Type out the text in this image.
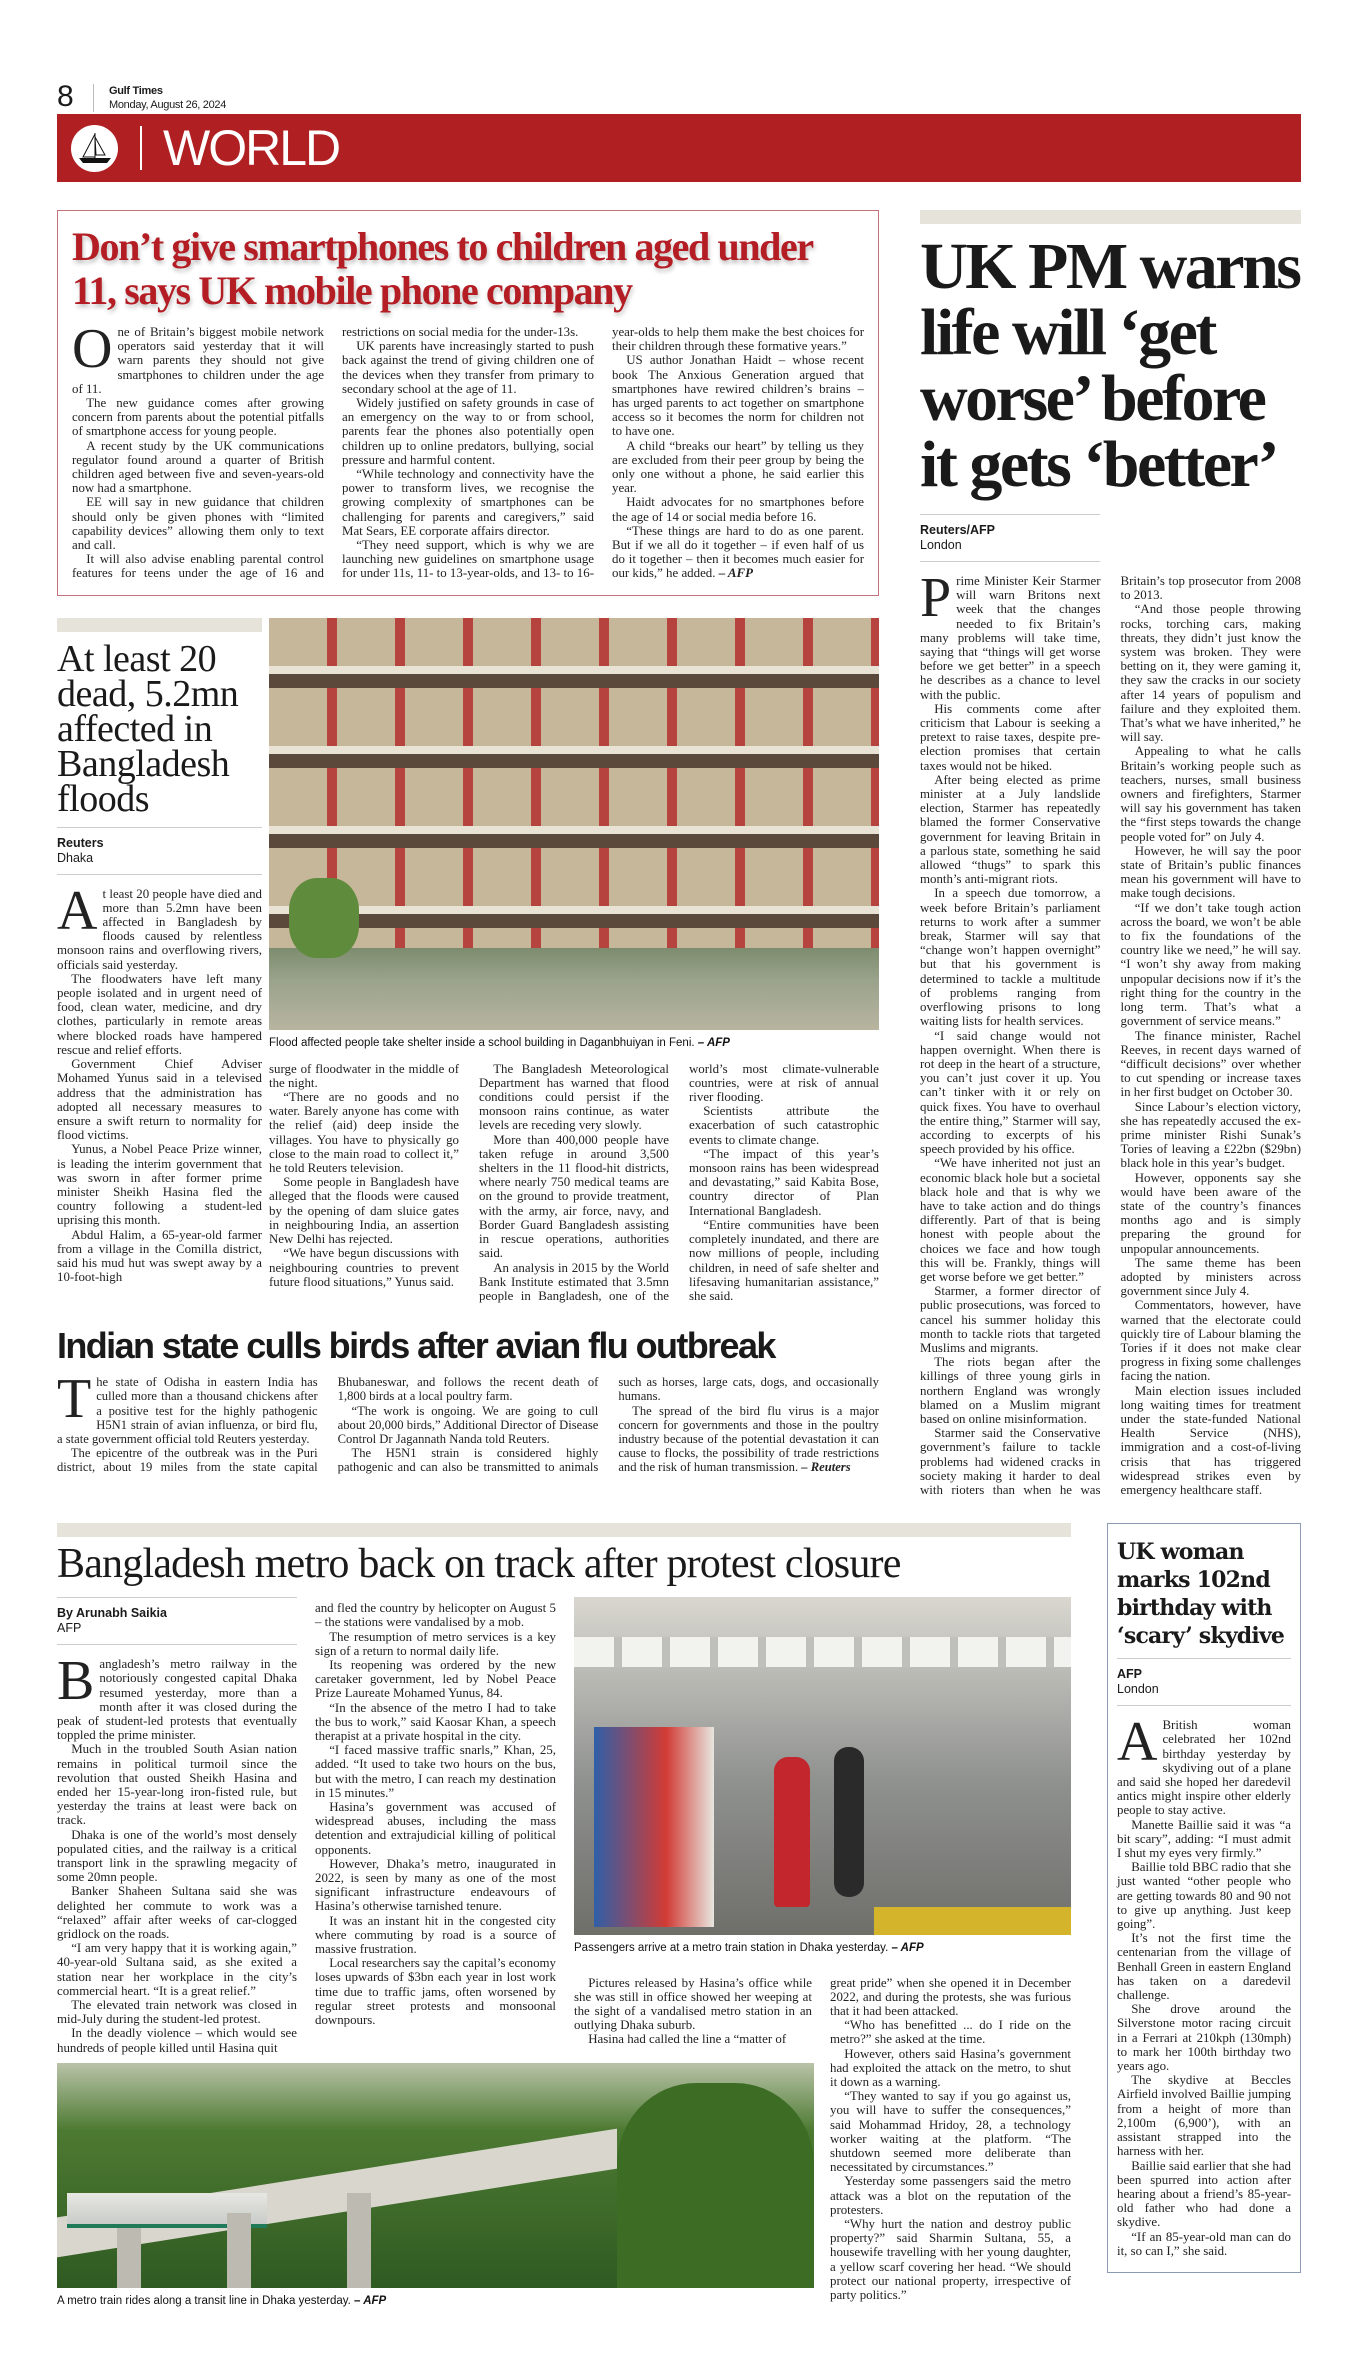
8	Gulf Times
Monday, August 26, 2024
WORLD
Don’t give smartphones to children aged under 11, says UK mobile phone company

One of Britain’s biggest mobile network operators said yesterday that it will warn parents they should not give smartphones to children under the age of 11.

The new guidance comes after growing concern from parents about the potential pitfalls of smartphone access for young people.

A recent study by the UK communications regulator found around a quarter of British children aged between five and seven-years-old now had a smartphone.

EE will say in new guidance that children should only be given phones with “limited capability devices” allowing them only to text and call.

It will also advise enabling parental control features for teens under the age of 16 and restrictions on social media for the under-13s.

UK parents have increasingly started to push back against the trend of giving children one of the devices when they transfer from primary to secondary school at the age of 11.

Widely justified on safety grounds in case of an emergency on the way to or from school, parents fear the phones also potentially open children up to online predators, bullying, social pressure and harmful content.

“While technology and connectivity have the power to transform lives, we recognise the growing complexity of smartphones can be challenging for parents and caregivers,” said Mat Sears, EE corporate affairs director.

“They need support, which is why we are launching new guidelines on smartphone usage for under 11s, 11- to 13-year-olds, and 13- to 16-year-olds to help them make the best choices for their children through these formative years.”

US author Jonathan Haidt – whose recent book The Anxious Generation argued that smartphones have rewired children’s brains – has urged parents to act together on smartphone access so it becomes the norm for children not to have one.

A child “breaks our heart” by telling us they are excluded from their peer group by being the only one without a phone, he said earlier this year.

Haidt advocates for no smartphones before the age of 14 or social media before 16.

“These things are hard to do as one parent. But if we all do it together – if even half of us do it together – then it becomes much easier for our kids,” he added. – AFP

At least 20 dead, 5.2mn affected in Bangladesh floods
Reuters
Dhaka

At least 20 people have died and more than 5.2mn have been affected in Bangladesh by floods caused by relentless monsoon rains and overflowing rivers, officials said yesterday.

The floodwaters have left many people isolated and in urgent need of food, clean water, medicine, and dry clothes, particularly in remote areas where blocked roads have hampered rescue and relief efforts.

Government Chief Adviser Mohamed Yunus said in a televised address that the administration has adopted all necessary measures to ensure a swift return to normality for flood victims.

Yunus, a Nobel Peace Prize winner, is leading the interim government that was sworn in after former prime minister Sheikh Hasina fled the country following a student-led uprising this month.

Abdul Halim, a 65-year-old farmer from a village in the Comilla district, said his mud hut was swept away by a 10-foot-high

Flood affected people take shelter inside a school building in Daganbhuiyan in Feni. – AFP

surge of floodwater in the middle of the night.

“There are no goods and no water. Barely anyone has come with the relief (aid) deep inside the villages. You have to physically go close to the main road to collect it,” he told Reuters television.

Some people in Bangladesh have alleged that the floods were caused by the opening of dam sluice gates in neighbouring India, an assertion New Delhi has rejected.

“We have begun discussions with neighbouring countries to prevent future flood situations,” Yunus said.

The Bangladesh Meteorological Department has warned that flood conditions could persist if the monsoon rains continue, as water levels are receding very slowly.

More than 400,000 people have taken refuge in around 3,500 shelters in the 11 flood-hit districts, where nearly 750 medical teams are on the ground to provide treatment, with the army, air force, navy, and Border Guard Bangladesh assisting in rescue operations, authorities said.

An analysis in 2015 by the World Bank Institute estimated that 3.5mn people in Bangladesh, one of the world’s most climate-vulnerable countries, were at risk of annual river flooding.

Scientists attribute the exacerbation of such catastrophic events to climate change.

“The impact of this year’s monsoon rains has been widespread and devastating,” said Kabita Bose, country director of Plan International Bangladesh.

“Entire communities have been completely inundated, and there are now millions of people, including children, in need of safe shelter and lifesaving humanitarian assistance,” she said.

Indian state culls birds after avian flu outbreak

The state of Odisha in eastern India has culled more than a thousand chickens after a positive test for the highly pathogenic H5N1 strain of avian influenza, or bird flu, a state government official told Reuters yesterday.

The epicentre of the outbreak was in the Puri district, about 19 miles from the state capital Bhubaneswar, and follows the recent death of 1,800 birds at a local poultry farm.

“The work is ongoing. We are going to cull about 20,000 birds,” Additional Director of Disease Control Dr Jagannath Nanda told Reuters.

The H5N1 strain is considered highly pathogenic and can also be transmitted to animals such as horses, large cats, dogs, and occasionally humans.

The spread of the bird flu virus is a major concern for governments and those in the poultry industry because of the potential devastation it can cause to flocks, the possibility of trade restrictions and the risk of human transmission. – Reuters

UK PM warns life will ‘get worse’ before it gets ‘better’
Reuters/AFP
London

Prime Minister Keir Starmer will warn Britons next week that the changes needed to fix Britain’s many problems will take time, saying that “things will get worse before we get better” in a speech he describes as a chance to level with the public.

His comments come after criticism that Labour is seeking a pretext to raise taxes, despite pre-election promises that certain taxes would not be hiked.

After being elected as prime minister at a July landslide election, Starmer has repeatedly blamed the former Conservative government for leaving Britain in a parlous state, something he said allowed “thugs” to spark this month’s anti-migrant riots.

In a speech due tomorrow, a week before Britain’s parliament returns to work after a summer break, Starmer will say that “change won’t happen overnight” but that his government is determined to tackle a multitude of problems ranging from overflowing prisons to long waiting lists for health services.

“I said change would not happen overnight. When there is rot deep in the heart of a structure, you can’t just cover it up. You can’t tinker with it or rely on quick fixes. You have to overhaul the entire thing,” Starmer will say, according to excerpts of his speech provided by his office.

“We have inherited not just an economic black hole but a societal black hole and that is why we have to take action and do things differently. Part of that is being honest with people about the choices we face and how tough this will be. Frankly, things will get worse before we get better.”

Starmer, a former director of public prosecutions, was forced to cancel his summer holiday this month to tackle riots that targeted Muslims and migrants.

The riots began after the killings of three young girls in northern England was wrongly blamed on a Muslim migrant based on online misinformation.

Starmer said the Conservative government’s failure to tackle problems had widened cracks in society making it harder to deal with rioters than when he was Britain’s top prosecutor from 2008 to 2013.

“And those people throwing rocks, torching cars, making threats, they didn’t just know the system was broken. They were betting on it, they were gaming it, they saw the cracks in our society after 14 years of populism and failure and they exploited them. That’s what we have inherited,” he will say.

Appealing to what he calls Britain’s working people such as teachers, nurses, small business owners and firefighters, Starmer will say his government has taken the “first steps towards the change people voted for” on July 4.

However, he will say the poor state of Britain’s public finances mean his government will have to make tough decisions.

“If we don’t take tough action across the board, we won’t be able to fix the foundations of the country like we need,” he will say. “I won’t shy away from making unpopular decisions now if it’s the right thing for the country in the long term. That’s what a government of service means.”

The finance minister, Rachel Reeves, in recent days warned of “difficult decisions” over whether to cut spending or increase taxes in her first budget on October 30.

Since Labour’s election victory, she has repeatedly accused the ex-prime minister Rishi Sunak’s Tories of leaving a £22bn ($29bn) black hole in this year’s budget.

However, opponents say she would have been aware of the state of the country’s finances months ago and is simply preparing the ground for unpopular announcements.

The same theme has been adopted by ministers across government since July 4.

Commentators, however, have warned that the electorate could quickly tire of Labour blaming the Tories if it does not make clear progress in fixing some challenges facing the nation.

Main election issues included long waiting times for treatment under the state-funded National Health Service (NHS), immigration and a cost-of-living crisis that has triggered widespread strikes even by emergency healthcare staff.

Bangladesh metro back on track after protest closure
By Arunabh Saikia
AFP

Bangladesh’s metro railway in the notoriously congested capital Dhaka resumed yesterday, more than a month after it was closed during the peak of student-led protests that eventually toppled the prime minister.

Much in the troubled South Asian nation remains in political turmoil since the revolution that ousted Sheikh Hasina and ended her 15-year-long iron-fisted rule, but yesterday the trains at least were back on track.

Dhaka is one of the world’s most densely populated cities, and the railway is a critical transport link in the sprawling megacity of some 20mn people.

Banker Shaheen Sultana said she was delighted her commute to work was a “relaxed” affair after weeks of car-clogged gridlock on the roads.

“I am very happy that it is working again,” 40-year-old Sultana said, as she exited a station near her workplace in the city’s commercial heart. “It is a great relief.”

The elevated train network was closed in mid-July during the student-led protest.

In the deadly violence – which would see hundreds of people killed until Hasina quit

and fled the country by helicopter on August 5 – the stations were vandalised by a mob.

The resumption of metro services is a key sign of a return to normal daily life.

Its reopening was ordered by the new caretaker government, led by Nobel Peace Prize Laureate Mohamed Yunus, 84.

“In the absence of the metro I had to take the bus to work,” said Kaosar Khan, a speech therapist at a private hospital in the city.

“I faced massive traffic snarls,” Khan, 25, added. “It used to take two hours on the bus, but with the metro, I can reach my destination in 15 minutes.”

Hasina’s government was accused of widespread abuses, including the mass detention and extrajudicial killing of political opponents.

However, Dhaka’s metro, inaugurated in 2022, is seen by many as one of the most significant infrastructure endeavours of Hasina’s otherwise tarnished tenure.

It was an instant hit in the congested city where commuting by road is a source of massive frustration.

Local researchers say the capital’s economy loses upwards of $3bn each year in lost work time due to traffic jams, often worsened by regular street protests and monsoonal downpours.

Passengers arrive at a metro train station in Dhaka yesterday. – AFP

Pictures released by Hasina’s office while she was still in office showed her weeping at the sight of a vandalised metro station in an outlying Dhaka suburb.

Hasina had called the line a “matter of

great pride” when she opened it in December 2022, and during the protests, she was furious that it had been attacked.

“Who has benefitted ... do I ride on the metro?” she asked at the time.

However, others said Hasina’s government had exploited the attack on the metro, to shut it down as a warning.

“They wanted to say if you go against us, you will have to suffer the consequences,” said Mohammad Hridoy, 28, a technology worker waiting at the platform. “The shutdown seemed more deliberate than necessitated by circumstances.”

Yesterday some passengers said the metro attack was a blot on the reputation of the protesters.

“Why hurt the nation and destroy public property?” said Sharmin Sultana, 55, a housewife travelling with her young daughter, a yellow scarf covering her head. “We should protect our national property, irrespective of party politics.”

A metro train rides along a transit line in Dhaka yesterday. – AFP
UK woman marks 102nd birthday with ‘scary’ skydive
AFP
London

ABritish woman celebrated her 102nd birthday yesterday by skydiving out of a plane and said she hoped her daredevil antics might inspire other elderly people to stay active.

Manette Baillie said it was “a bit scary”, adding: “I must admit I shut my eyes very firmly.”

Baillie told BBC radio that she just wanted “other people who are getting towards 80 and 90 not to give up anything. Just keep going”.

It’s not the first time the centenarian from the village of Benhall Green in eastern England has taken on a daredevil challenge.

She drove around the Silverstone motor racing circuit in a Ferrari at 210kph (130mph) to mark her 100th birthday two years ago.

The skydive at Beccles Airfield involved Baillie jumping from a height of more than 2,100m (6,900’), with an assistant strapped into the harness with her.

Baillie said earlier that she had been spurred into action after hearing about a friend’s 85-year-old father who had done a skydive.

“If an 85-year-old man can do it, so can I,” she said.
